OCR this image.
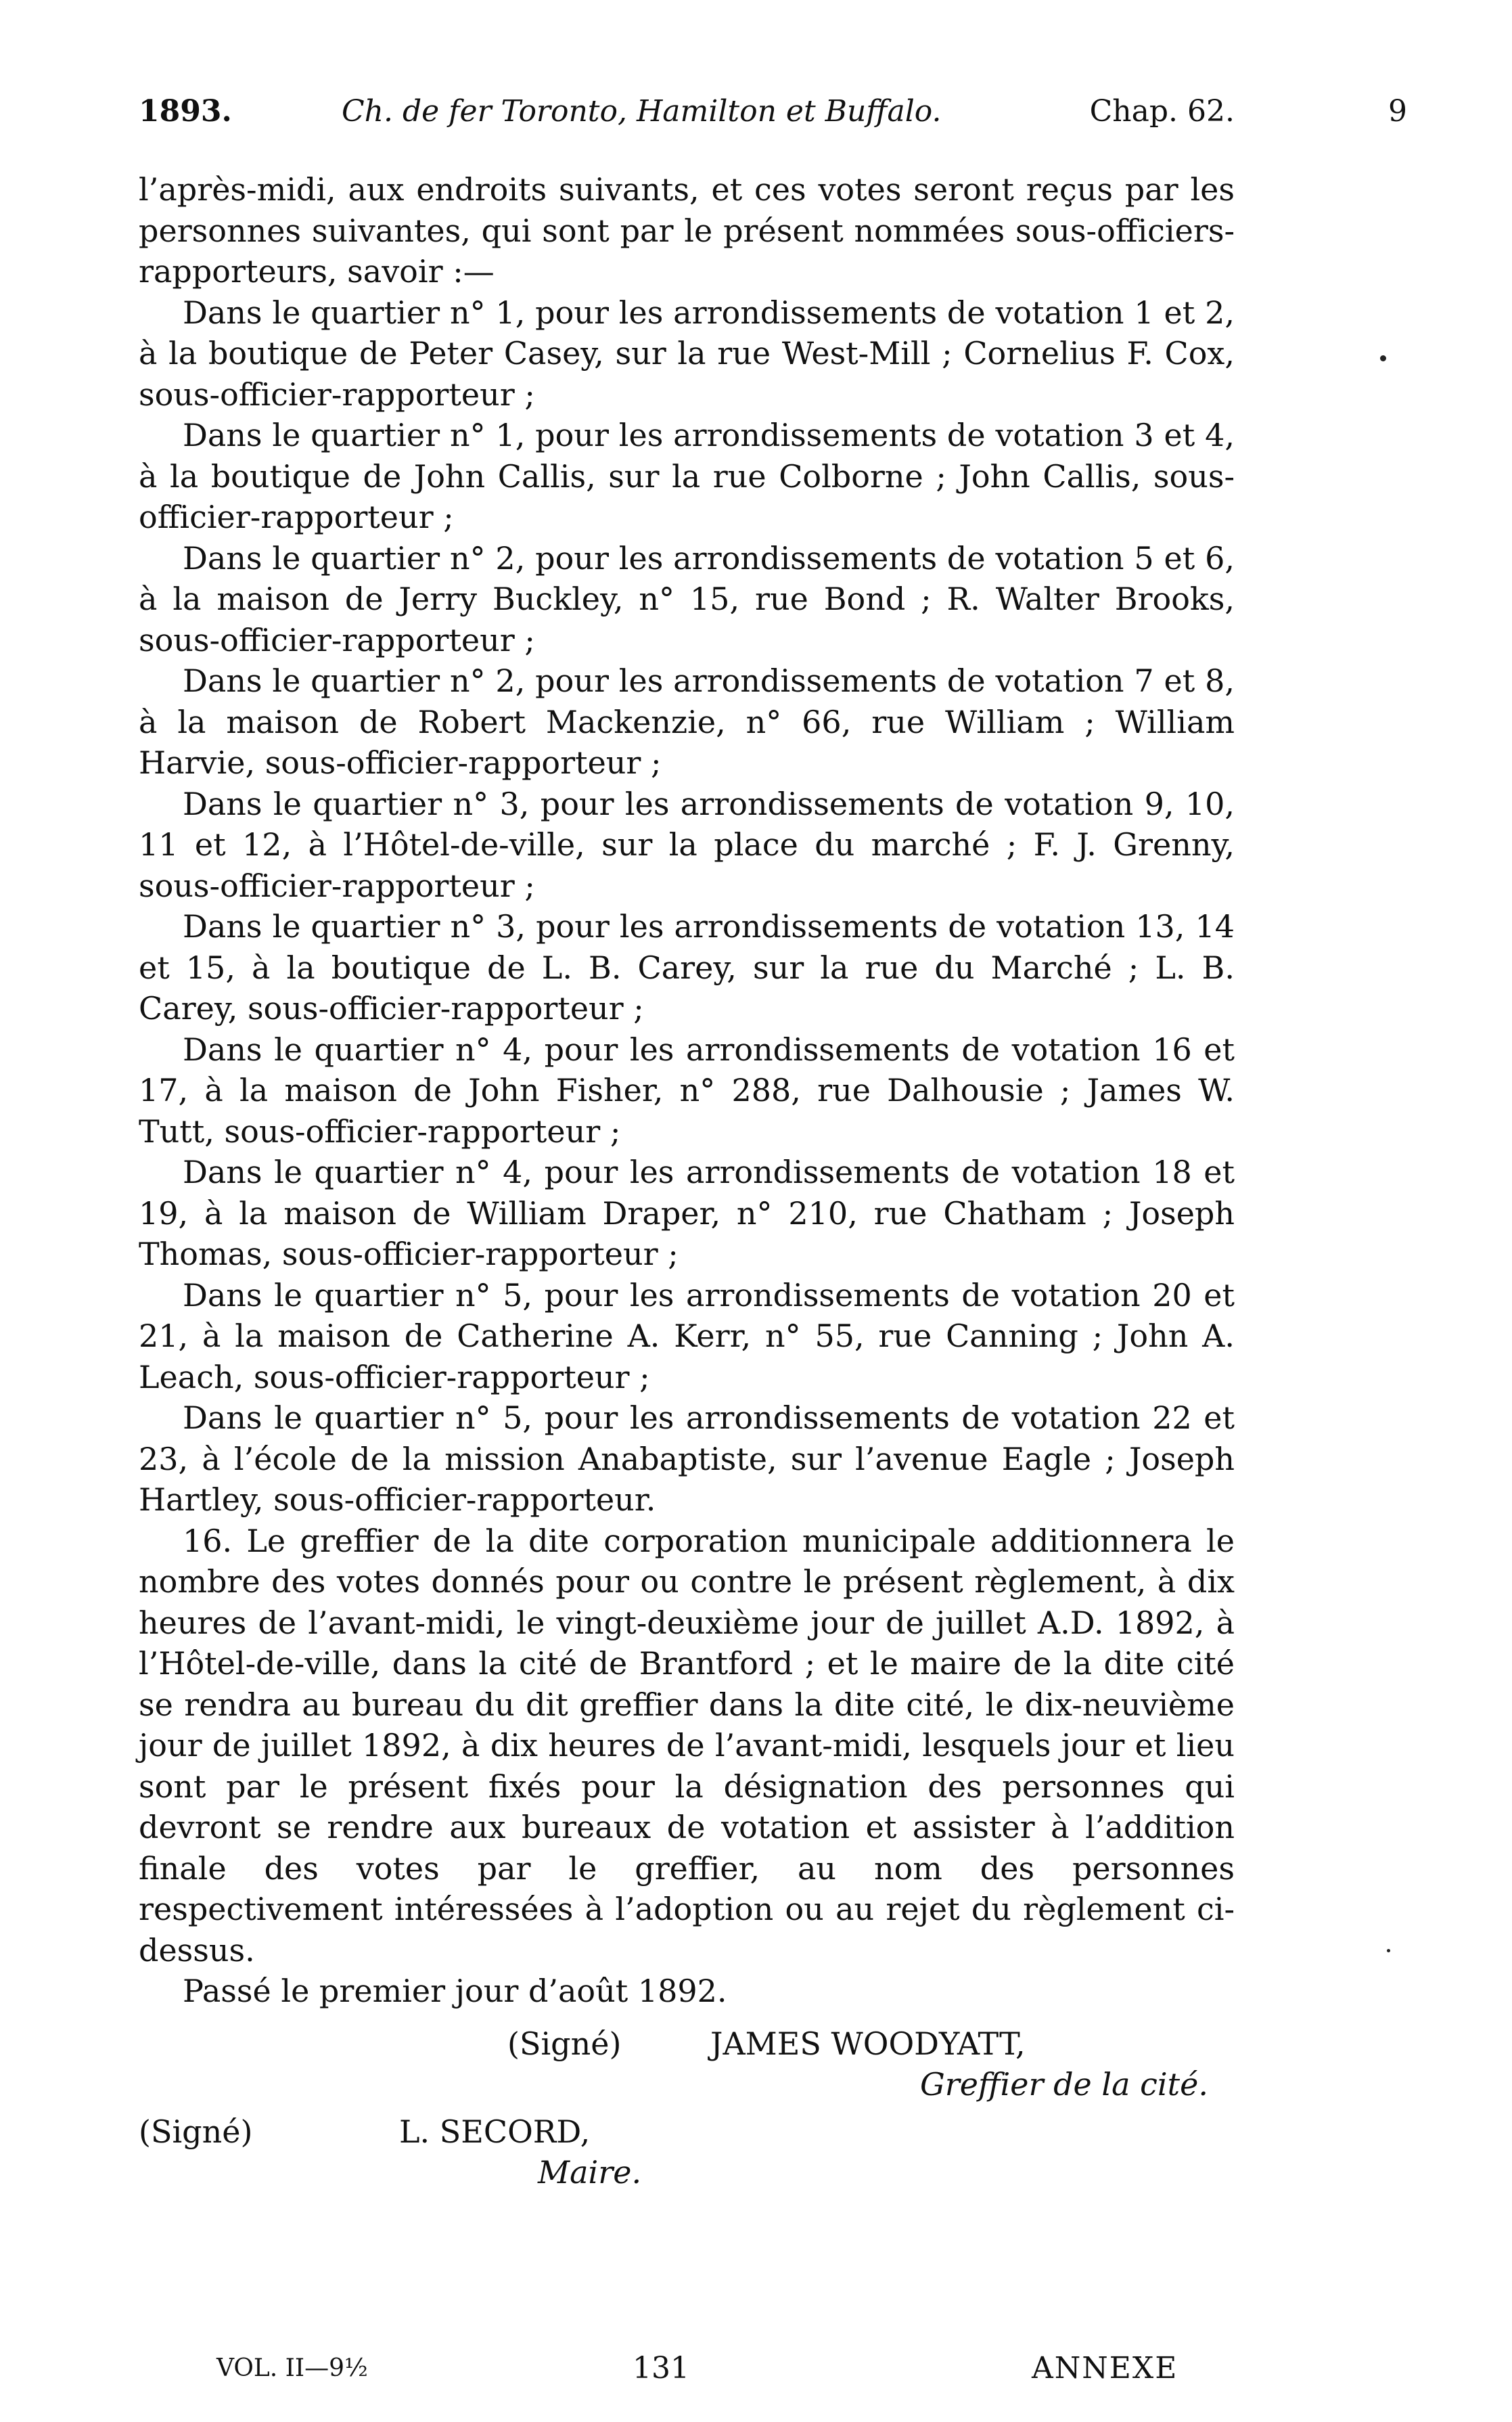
1893.	Ch. de fer Toronto, Hamilton et Buffalo.	Chap. 62.	9

l’après-midi, aux endroits suivants, et ces votes seront reçus par les personnes suivantes, qui sont par le présent nommées sous-officiers-rapporteurs, savoir :—

Dans le quartier n° 1, pour les arrondissements de votation 1 et 2, à la boutique de Peter Casey, sur la rue West-Mill ; Cornelius F. Cox, sous-officier-rapporteur ;

Dans le quartier n° 1, pour les arrondissements de votation 3 et 4, à la boutique de John Callis, sur la rue Colborne ; John Callis, sous-officier-rapporteur ;

Dans le quartier n° 2, pour les arrondissements de votation 5 et 6, à la maison de Jerry Buckley, n° 15, rue Bond ; R. Walter Brooks, sous-officier-rapporteur ;

Dans le quartier n° 2, pour les arrondissements de votation 7 et 8, à la maison de Robert Mackenzie, n° 66, rue William ; William Harvie, sous-officier-rapporteur ;

Dans le quartier n° 3, pour les arrondissements de votation 9, 10, 11 et 12, à l’Hôtel-de-ville, sur la place du marché ; F. J. Grenny, sous-officier-rapporteur ;

Dans le quartier n° 3, pour les arrondissements de votation 13, 14 et 15, à la boutique de L. B. Carey, sur la rue du Marché ; L. B. Carey, sous-officier-rapporteur ;

Dans le quartier n° 4, pour les arrondissements de votation 16 et 17, à la maison de John Fisher, n° 288, rue Dalhousie ; James W. Tutt, sous-officier-rapporteur ;

Dans le quartier n° 4, pour les arrondissements de votation 18 et 19, à la maison de William Draper, n° 210, rue Chatham ; Joseph Thomas, sous-officier-rapporteur ;

Dans le quartier n° 5, pour les arrondissements de votation 20 et 21, à la maison de Catherine A. Kerr, n° 55, rue Canning ; John A. Leach, sous-officier-rapporteur ;

Dans le quartier n° 5, pour les arrondissements de votation 22 et 23, à l’école de la mission Anabaptiste, sur l’avenue Eagle ; Joseph Hartley, sous-officier-rapporteur.

16. Le greffier de la dite corporation municipale additionnera le nombre des votes donnés pour ou contre le présent règlement, à dix heures de l’avant-midi, le vingt-deuxième jour de juillet A.D. 1892, à l’Hôtel-de-ville, dans la cité de Brantford ; et le maire de la dite cité se rendra au bureau du dit greffier dans la dite cité, le dix-neuvième jour de juillet 1892, à dix heures de l’avant-midi, lesquels jour et lieu sont par le présent fixés pour la désignation des personnes qui devront se rendre aux bureaux de votation et assister à l’addition finale des votes par le greffier, au nom des personnes respectivement intéressées à l’adoption ou au rejet du règlement ci-dessus.

Passé le premier jour d’août 1892.

(Signé)	JAMES WOODYATT,
Greffier de la cité.
(Signé)	L. SECORD,
Maire.
VOL. II—9½	131	ANNEXE
